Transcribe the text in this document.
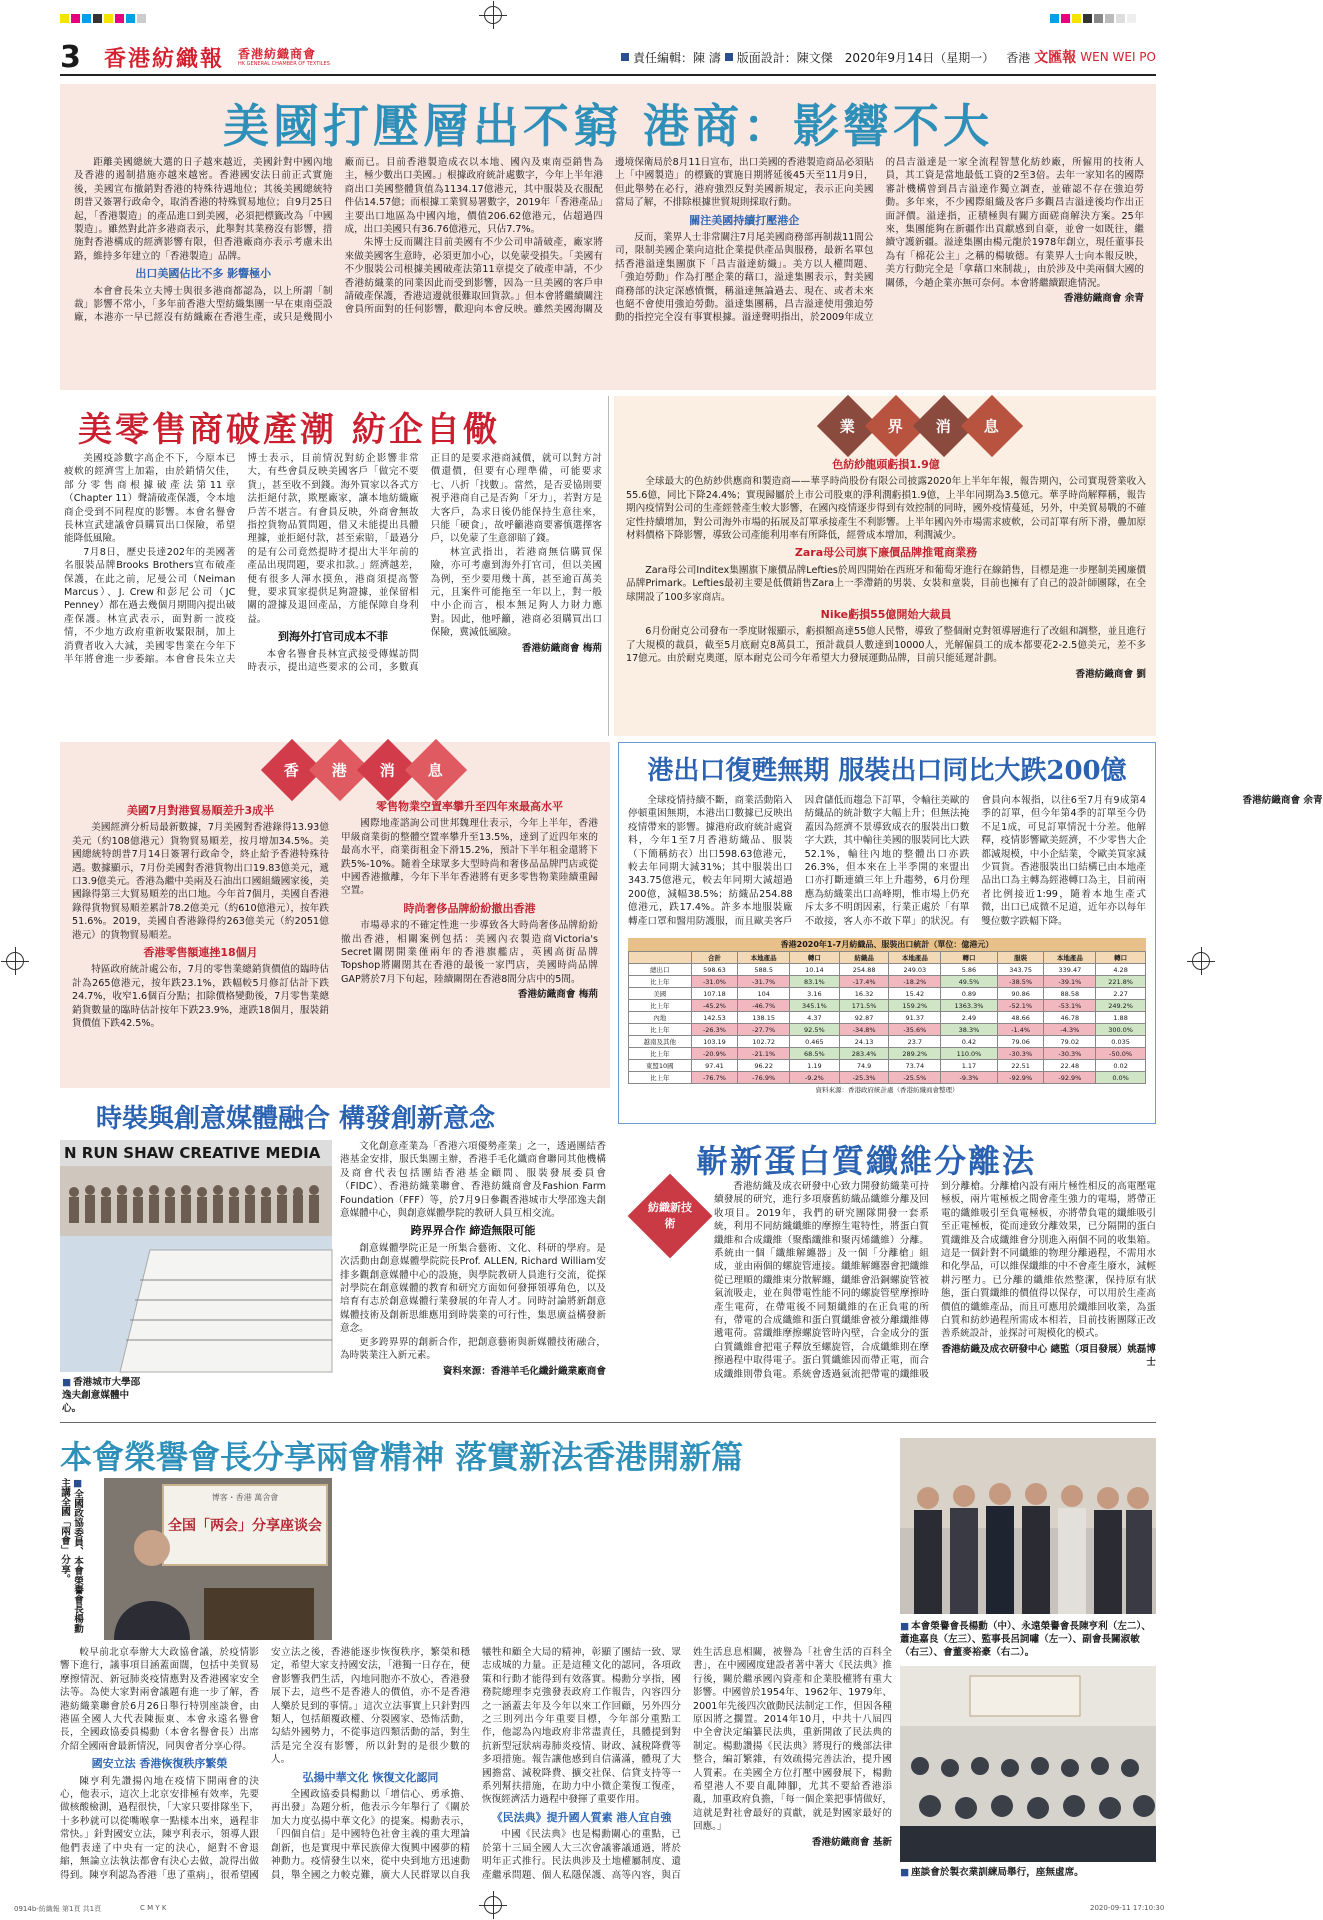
3	香港紡織報 香港紡織商會
HK GENERAL CHAMBER OF TEXTILES	責任編輯：陳 濤 版面設計：陳文傑 2020年9月14日（星期一） 香港 文匯報 WEN WEI PO
美國打壓層出不窮 港商：影響不大

距離美國總統大選的日子越來越近，美國針對中國內地及香港的遏制措施亦越來越密。香港國安法日前正式實施後，美國宣布撤銷對香港的特殊待遇地位；其後美國總統特朗普又簽署行政命令，取消香港的特殊貿易地位；自9月25日起，「香港製造」的產品進口到美國，必須把標籤改為「中國製造」。雖然對此許多港商表示，此舉對其業務沒有影響，措施對香港構成的經濟影響有限，但香港廠商亦表示考慮未出路，維持多年建立的「香港製造」品牌。

出口美國佔比不多 影響極小

本會會長朱立夫博士與很多港商都認為，以上所謂「制裁」影響不常小，「多年前香港大型紡織集團一早在東南亞設廠，本港亦一早已經沒有紡織廠在香港生產，或只是幾間小廠而已。目前香港製造成衣以本地、國內及東南亞銷售為主，極少數出口美國。」根據政府統計處數字，今年上半年港商出口美國整體貨值為1134.17億港元，其中服裝及衣服配件佔14.57億；而根據工業貿易署數字，2019年「香港產品」主要出口地區為中國內地，價值206.62億港元，佔超過四成，出口美國只有36.76億港元，只佔7.7%。

朱博士反而關注目前美國有不少公司申請破產，廠家將來做美國客生意時，必須更加小心，以免蒙受損失。「美國有不少服裝公司根據美國破產法第11章提交了破產申請，不少香港紡織業的同業因此而受到影響，因為一旦美國的客戶申請破產保護，香港這邊就很難取回貨款。」但本會將繼續關注會員所面對的任何影響，歡迎向本會反映。雖然美國海關及邊境保衛局於8月11日宣布，出口美國的香港製造商品必須貼上「中國製造」的標籤的實施日期將延後45天至11月9日，但此舉勢在必行，港府強烈反對美國新規定，表示正向美國當局了解，不排除根據世貿規則採取行動。

關注美國持續打壓港企

反而，業界人士非常關注7月尾美國商務部再制裁11間公司，限制美國企業向這批企業提供產品與服務，最新名單包括香港溢達集團旗下「昌吉溢達紡織」。美方以人權問題、「強迫勞動」作為打壓企業的藉口，溢達集團表示，對美國商務部的決定深感憤慨，稱溢達無論過去、現在、或者未來也絕不會使用強迫勞動。溢達集團稱，昌吉溢達使用強迫勞動的指控完全沒有事實根據。溢達聲明指出，於2009年成立的昌吉溢達是一家全流程智慧化紡紗廠，所僱用的技術人員，其工資是當地最低工資的2至3倍。去年一家知名的國際審計機構曾到昌吉溢達作獨立調查，並確認不存在強迫勞動。多年來，不少國際組織及客戶多觀昌吉溢達後均作出正面評價。溢達指，正積極與有關方面磋商解決方案。25年來，集團能夠在新疆作出貢獻感到自豪，並會一如既往，繼續守護新疆。溢達集團由楊元龍於1978年創立，現任董事長為有「棉花公主」之稱的楊敏德。有業界人士向本報反映，美方行動完全是「拿藉口來制裁」，由於涉及中美兩個大國的關係，今趟企業亦無可奈何。本會將繼續跟進情況。

香港紡織商會 余青
美零售商破產潮 紡企自儆

美國疫診數字高企不下，今原本已疲軟的經濟雪上加霜，由於銷情欠佳，部分零售商根據破產法第11章（Chapter 11）聲請破產保護，令本地商企受到不同程度的影響。本會名譽會長林宣武建議會員購買出口保險，希望能降低風險。

7月8日，歷史長達202年的美國著名服裝品牌Brooks Brothers宣布破產保護，在此之前，尼曼公司（Neiman Marcus）、J. Crew和彭尼公司（JC Penney）都在過去幾個月期間內提出破產保護。林宣武表示，面對新一波疫情，不少地方政府重新收緊限制，加上消費者收入大減，美國零售業在今年下半年將會進一步萎縮。本會會長朱立夫博士表示，目前情況對紡企影響非常大，有些會員反映美國客戶「做完不要貨」，甚至收不到錢。海外買家以各式方法拒絕付款，欺壓廠家，讓本地紡織廠戶苦不堪言。有會員反映，外商會無故指控貨物品質問題，借又未能提出具體理據，並拒絕付款，甚至索賠，「最過分的是有公司竟然提時才提出大半年前的產品出現問題，要求扣款。」經濟越差，便有很多人渾水摸魚，港商須提高警覺，要求買家提供足夠證據，並保留相關的證據及退回產品，方能保障自身利益。

到海外打官司成本不菲

本會名譽會長林宣武接受傳媒訪問時表示，提出這些要求的公司，多數真正目的是要求港商減價，就可以對方討價還價，但要有心理準備，可能要求七、八折「找數」。當然，是否妥協則要視乎港商自己是否夠「牙力」，若對方是大客戶，為求日後仍能保持生意往來，只能「硬食」，故呼籲港商要審慎選擇客戶，以免蒙了生意卻賠了錢。

林宣武指出，若港商無信購買保險，亦可考慮到海外打官司，但以美國為例，至少要用幾十萬，甚至逾百萬美元，且案件可能拖至一年以上，對一般中小企而言，根本無足夠人力財力應對。因此，他呼籲，港商必須購買出口保險，冀減低風險。

香港紡織商會 梅荊
業 界 消 息
色紡紗龍頭虧損1.9億

全球最大的色紡紗供應商和製造商——華孚時尚股份有限公司披露2020年上半年年報，報告期內，公司實現營業收入55.6億，同比下降24.4%；實現歸屬於上市公司股東的淨利潤虧損1.9億，上半年同期為3.5億元。華孚時尚解釋稱，報告期內疫情對公司的生產經營產生較大影響，在國內疫情逐步得到有效控制的同時，國外疫情蔓延，另外，中美貿易戰的不確定性持續增加，對公司海外市場的拓展及訂單承接產生不利影響。上半年國內外市場需求疲軟，公司訂單有所下滑，疊加原材料價格下降影響，導致公司產能利用率有所降低，經營成本增加，利潤減少。

Zara母公司旗下廉價品牌推電商業務

Zara母公司Inditex集團旗下廉價品牌Lefties於周四開始在西班牙和葡萄牙進行在線銷售，目標是進一步壓制美國廉價品牌Primark。Lefties最初主要是低價銷售Zara上一季滯銷的男裝、女裝和童裝，目前也擁有了自己的設計師團隊，在全球開設了100多家商店。

Nike虧損55億開始大裁員

6月份耐克公司發布一季度財報顯示，虧損額高達55億人民幣，導致了整個耐克對領導層進行了改組和調整，並且進行了大規模的裁員，截至5月底耐克8萬員工，預計裁員人數達到10000人，光解僱員工的成本都要花2-2.5億美元，差不多17億元。由於耐克奧運，原本耐克公司今年希望大力發展運動品牌，目前只能延遲計劃。

香港紡織商會 劉
香 港 消 息
美國7月對港貿易順差升3成半

美國經濟分析局最新數據，7月美國對香港錄得13.93億美元（約108億港元）貨物貿易順差，按月增加34.5%。美國總統特朗普7月14日簽署行政命令，終止給予香港特殊待遇。數據顯示，7月份美國對香港貨物出口19.83億美元，遞口3.9億美元。香港為繼中美兩及石油出口國組織國家後，美國錄得第三大貿易順差的出口地。今年首7個月，美國自香港錄得貨物貿易順差累計78.2億美元（約610億港元），按年跌51.6%。2019，美國自香港錄得約263億美元（約2051億港元）的貨物貿易順差。

香港零售額連挫18個月

特區政府統計處公布，7月的零售業總銷貨價值的臨時估計為265億港元，按年跌23.1%，跌幅較5月修訂估計下跌24.7%，收窄1.6個百分點；扣除價格變動後，7月零售業總銷貨數量的臨時估計按年下跌23.9%，連跌18個月，服裝銷貨價值下跌42.5%。

零售物業空置率攀升至四年來最高水平

國際地產諮詢公司世邦魏理仕表示，今年上半年，香港甲級商業街的整體空置率攀升至13.5%，達到了近四年來的最高水平，商業街租金下滑15.2%，預計下半年租金還將下跌5%-10%。隨着全球眾多大型時尚和奢侈品品牌門店或從中國香港撤離，今年下半年香港將有更多零售物業陸續重歸空置。

時尚奢侈品牌紛紛撤出香港

市場尋求的不確定性進一步導致各大時尚奢侈品牌紛紛撤出香港，相關案例包括：美國內衣製造商Victoria's Secret關閉開業僅兩年的香港旗艦店，英國高街品牌Topshop將關閉其在香港的最後一家門店，美國時尚品牌GAP將於7月下旬起，陸續關閉在香港8間分店中的5間。

香港紡織商會 梅荊
港出口復甦無期 服裝出口同比大跌200億

全球疫情持續不斷，商業活動陷入停頓重困無期，本港出口數據已反映出疫情帶來的影響。據港府政府統計處資料，今年1至7月香港紡織品、服裝（下簡稱紡衣）出口598.63億港元，較去年同期大減31%；其中服裝出口343.75億港元，較去年同期大減超過200億，減幅38.5%；紡織品254.88億港元，跌17.4%。許多本地服裝廠轉產口罩和醫用防護服，而且歐美客戶因倉儲低而趨急下訂單，令輸往美歐的紡織品的統計數字大幅上升；但無法掩蓋因為經濟不景導致成衣的服裝出口數字大跌，其中輸往美國的服裝同比大跌52.1%，輸往內地的整體出口亦跌26.3%，但本來在上半季開的來盟出口亦打斷連續三年上升趨勢，6月份理應為紡織業出口高峰期，惟市場上仍充斥太多不明朗因素，行業正處於「有單不敢接，客人亦不敢下單」的狀況。有會員向本報指，以往6至7月有9成第4季的訂單，但今年第4季的訂單至今仍不足1成，可見訂單情況十分差。他解釋，疫情影響歐美經濟，不少零售大企都減規模，中小企結業，令歐美買家減少買貨。香港服裝出口結構已由本地產品出口為主轉為經港轉口為主，目前兩者比例接近1:99，隨着本地生產式微，出口已成微不足道，近年亦以每年雙位數字跌幅下降。

香港紡織商會 余青
香港2020年1-7月紡織品、服裝出口統計（單位：億港元）
	合計	本地產品	轉口	紡織品	本地產品	轉口	服裝	本地產品	轉口
總出口	598.63	588.5	10.14	254.88	249.03	5.86	343.75	339.47	4.28
比上年	-31.0%	-31.7%	83.1%	-17.4%	-18.2%	49.5%	-38.5%	-39.1%	221.8%
美國	107.18	104	3.16	16.32	15.42	0.89	90.86	88.58	2.27
比上年	-45.2%	-46.7%	345.1%	171.5%	159.2%	1363.3%	-52.1%	-53.1%	249.2%
內地	142.53	138.15	4.37	92.87	91.37	2.49	48.66	46.78	1.88
比上年	-26.3%	-27.7%	92.5%	-34.8%	-35.6%	38.3%	-1.4%	-4.3%	300.0%
越南及其他	103.19	102.72	0.465	24.13	23.7	0.42	79.06	79.02	0.035
比上年	-20.9%	-21.1%	68.5%	283.4%	289.2%	110.0%	-30.3%	-30.3%	-50.0%
東盟10國	97.41	96.22	1.19	74.9	73.74	1.17	22.51	22.48	0.02
比上年	-76.7%	-76.9%	-9.2%	-25.3%	-25.5%	-9.3%	-92.9%	-92.9%	0.0%
資料來源：香港政府統計處（香港紡織商會整理）
時裝與創意媒體融合 構發創新意念
N RUN SHAW CREATIVE MEDIA
■ 香港城市大學邵逸夫創意媒體中心。

文化創意產業為「香港六項優勢產業」之一，透過團結香港基金安排，服氏集團主辦，香港手毛化纖商會聯同其他機構及商會代表包括團結香港基金顧問、服裝發展委員會（FIDC）、香港紡織業聯會、香港紡織商會及Fashion Farm Foundation（FFF）等，於7月9日參觀香港城市大學邵逸夫創意媒體中心，與創意媒體學院的教研人員互相交流。

跨界界合作 締造無限可能

創意媒體學院正是一所集合藝術、文化、科研的學府。是次活動由創意媒體學院院長Prof. ALLEN, Richard William安排多觀創意媒體中心的設施，與學院教研人員進行交流，從探討學院在創意媒體的教育和研究方面如何發揮領導角色，以及培育有志於創意媒體行業發展的年青人才。同時討論將新創意媒體技術及創新思維應用到時裝業的可行性，集思廣益構發新意念。

更多跨界界的創新合作，把創意藝術與新媒體技術融合，為時裝業注入新元素。

資料來源：香港羊毛化纖針織業廠商會
嶄新蛋白質纖維分離法
紡織新技術

香港紡織及成衣研發中心致力開發紡織業可持續發展的研究，進行多項廢舊紡織品纖維分離及回收項目。2019年，我們的研究團隊開發一套系統，利用不同紡織纖維的摩擦生電特性，將蛋白質纖維和合成纖維（聚酯纖維和聚丙烯纖維）分離。系統由一個「纖維解纏器」及一個「分離槍」組成，並由兩個的螺旋管連接。纖維解纏器會把纖維從已理順的纖維束分散解纏，纖維會沿銅螺旋管被氣流吸走，並在與帶電性能不同的螺旋管壁摩擦時產生電荷，在帶電後不同類纖維的在正負電的所有，帶電的合成纖維和蛋白質纖維會被分離纖維傳遞電荷。當纖維摩擦螺旋管時內壁，合金成分的蛋白質纖維會把電子釋放至螺旋管，合成纖維則在摩擦過程中取得電子。蛋白質纖維因而帶正電，而合成纖維則帶負電。系統會透過氣流把帶電的纖維吸到分離槍。分離槍內設有兩片極性相反的高電壓電極板，兩片電極板之間會產生強力的電場，將帶正電的纖維吸引至負電極板，亦將帶負電的纖維吸引至正電極板，從而達致分離效果，已分隔開的蛋白質纖維及合成纖維會分別進入兩個不同的收集箱。這是一個針對不同纖維的物理分離過程，不需用水和化學品，可以維保纖維的中不會產生廢水，減輕耕污壓力。已分離的纖維依然整潔，保持原有狀態，蛋白質纖維的價值得以保存，可以用於生產高價值的纖維產品，而且可應用於纖維回收業，為蛋白質和紡紗過程所需成本相若，目前技術團隊正改善系統設計，並探討可規模化的模式。

香港紡織及成衣研發中心 總監（項目發展）姚磊博士
本會榮譽會長分享兩會精神 落實新法香港開新篇
■ 全國政協委員、本會榮譽會長楊勳主講全國「兩會」分享。	博客・香港 萬舍會
全国「两会」分享座谈会

較早前北京奉辦大大政協會議，於疫情影響下進行，議事項目涵蓋面闊，包括中美貿易摩擦情況、新冠肺炎疫情應對及香港國家安全法等。為使大家對兩會議題有進一步了解，香港紡織業聯會於6月26日舉行特別座談會，由港區全國人大代表陳振東、本會永遠名譽會長，全國政協委員楊勳（本會名譽會長）出席介紹全國兩會最新情況，同與會者分享心得。

國安立法 香港恢復秩序繁榮

陳亨利先讚揚內地在疫情下開兩會的決心，他表示，這次上北京安排極有效率，先要做核酸檢測，過程很快，「大家只要排隊坐下，十多秒就可以從嘴喉拿一點樣本出來，過程非常快。」針對國安立法，陳亨利表示，領導人跟他們表達了中央有一定的決心，絕對不會退縮，無論立法執法都會有決心去做，說得出做得到。陳亨利認為香港「患了重病」，很希望國安立法之後，香港能逐步恢復秩序，繁榮和穩定，希望大家支持國安法，「港獨一日存在，便會影響我們生活，內地同胞亦不放心，香港發展下去，這些不是香港人的價值，亦不是香港人樂於見到的事情。」這次立法事實上只針對四類人，包括顛覆政權、分裂國家、恐怖活動，勾結外國勢力，不從事這四類活動的話，對生活是完全沒有影響，所以針對的是很少數的人。

弘揚中華文化 恢復文化認同

全國政協委員楊勳以「增信心、勇承擔、再出發」為題分析，他表示今年舉行了《關於加大力度弘揚中華文化》的提案。楊勳表示，「四個自信」是中國特色社會主義的重大理論創新，也是實現中華民族偉大復興中國夢的精神動力。疫情發生以來，從中央到地方迅速動員，舉全國之力較克難，廣大人民群眾以自我犧牲和顧全大局的精神，彰顯了團結一致、眾志成城的力量。正是這種文化的認同，各項政策和行動才能得到有效落實。楊勳分享指，國務院總理李克強發表政府工作報告，內容四分之一涵蓋去年及今年以來工作回顧，另外四分之三則列出今年重要目標，今年部分重點工作，他認為內地政府非常盡責任，具體提到對抗新型冠狀病毒肺炎疫情、財政、減稅降費等多項措施。報告讓他感到自信滿滿，體現了大國擔當、減稅降費、擴交社保、信貸支持等一系列幫扶措施，在助力中小微企業復工復產，恢復經濟活力過程中發揮了重要作用。

《民法典》提升國人質素 港人宜自強

中國《民法典》也是楊勳關心的重點，已於第十三屆全國人大三次會議審議通過，將於明年正式推行。民法典涉及土地權屬制度、遺產繼承問題、個人私隱保護、高等內容，與百姓生活息息相關，被譽為「社會生活的百科全書」，在中國國度建設者著中著大《民法典》推行後，關於繼承國內資產和企業股權將有重大影響。中國曾於1954年、1962年、1979年、2001年先後四次啟動民法制定工作，但因各種原因將之擱置。2014年10月，中共十八屆四中全會決定編纂民法典，重新開啟了民法典的制定。楊勳讚揚《民法典》將現行的幾部法律整合，編訂繁雜，有效疏揚完善法治，提升國人質素。在美國全方位打壓中國發展下，楊勳希望港人不要自亂陣腳，尤其不要給香港添亂，加重政府負擔，「每一個企業把事情做好，這就是對社會最好的貢獻，就是對國家最好的回應。」

香港紡織商會 基新
■ 本會榮譽會長楊勳（中）、永遠榮譽會長陳亨利（左二）、蕭進嘉良（左三）、監事長呂詞嘯（左一）、副會長關淑敏（右三）、會董麥裕豪（右二）。
■ 座談會於製衣業訓練局舉行，座無虛席。
0914b-紡織報 第1頁 共1頁	C M Y K	2020-09-11 17:10:30
